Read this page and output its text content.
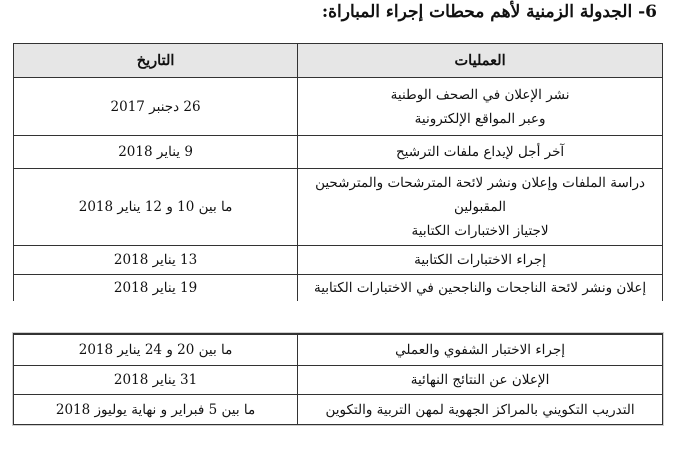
6- الجدولة الزمنية لأهم محطات إجراء المباراة:
العمليات
التاريخ
نشر الإعلان في الصحف الوطنية
وعبر المواقع الإلكترونية
26 دجنبر 2017
آخر أجل لإيداع ملفات الترشيح
9 يناير 2018
دراسة الملفات وإعلان ونشر لائحة المترشحات والمترشحين المقبولين
لاجتياز الاختبارات الكتابية
ما بين 10 و 12 يناير 2018
إجراء الاختبارات الكتابية
13 يناير 2018
إعلان ونشر لائحة الناجحات والناجحين في الاختبارات الكتابية
19 يناير 2018
إجراء الاختبار الشفوي والعملي
ما بين 20 و 24 يناير 2018
الإعلان عن النتائج النهائية
31 يناير 2018
التدريب التكويني بالمراكز الجهوية لمهن التربية والتكوين
ما بين 5 فبراير و نهاية يوليوز 2018
